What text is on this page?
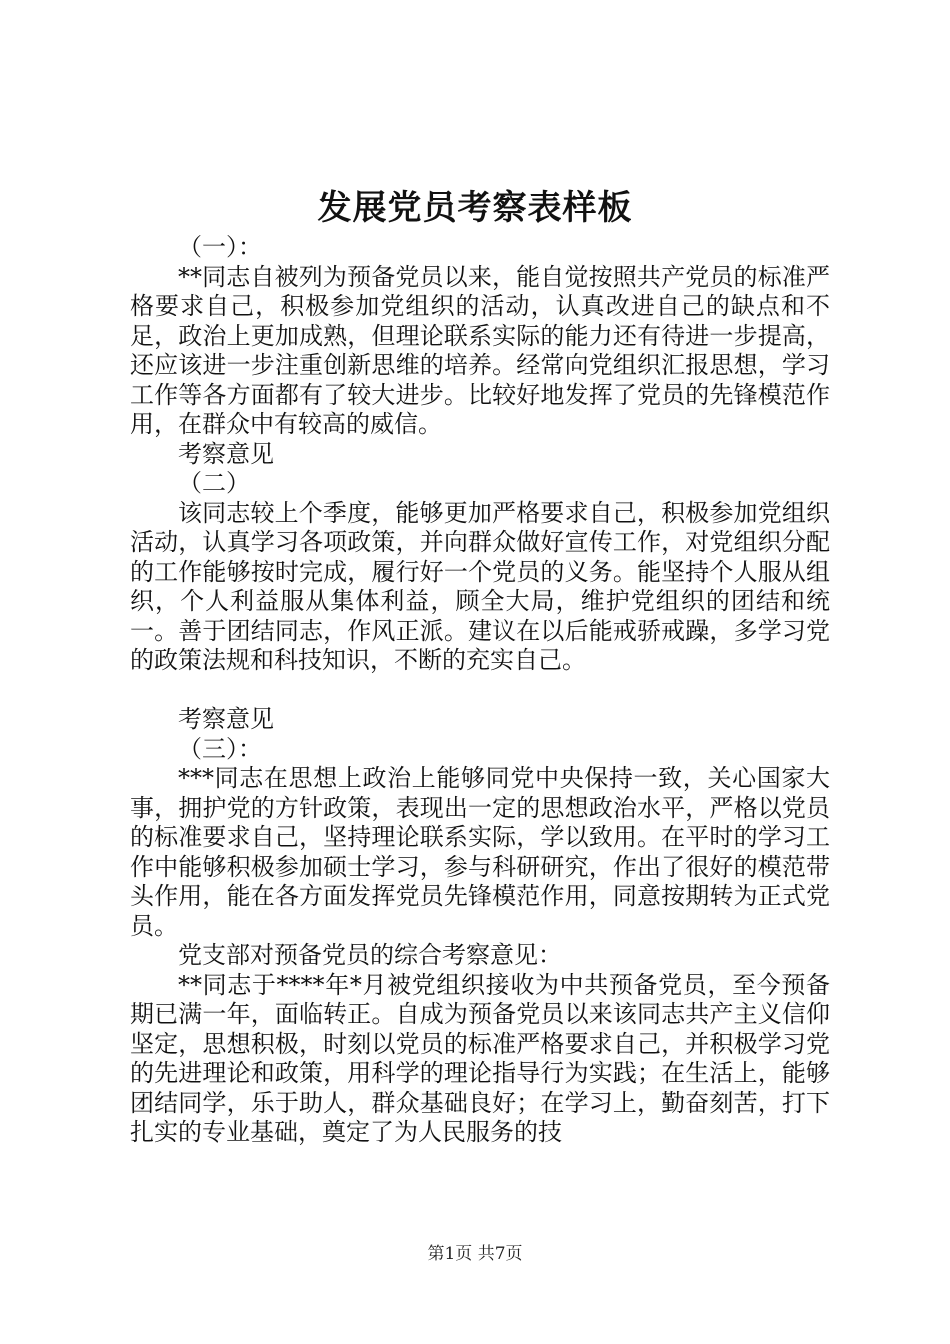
发展党员考察表样板

（一）：

**同志自被列为预备党员以来，能自觉按照共产党员的标准严格要求自己，积极参加党组织的活动，认真改进自己的缺点和不足，政治上更加成熟，但理论联系实际的能力还有待进一步提高，还应该进一步注重创新思维的培养。经常向党组织汇报思想，学习工作等各方面都有了较大进步。比较好地发挥了党员的先锋模范作用，在群众中有较高的威信。

考察意见

（二）

该同志较上个季度，能够更加严格要求自己，积极参加党组织活动，认真学习各项政策，并向群众做好宣传工作，对党组织分配的工作能够按时完成，履行好一个党员的义务。能坚持个人服从组织，个人利益服从集体利益，顾全大局，维护党组织的团结和统一。善于团结同志，作风正派。建议在以后能戒骄戒躁，多学习党的政策法规和科技知识，不断的充实自己。

考察意见

（三）：

***同志在思想上政治上能够同党中央保持一致，关心国家大事，拥护党的方针政策，表现出一定的思想政治水平，严格以党员的标准要求自己，坚持理论联系实际，学以致用。在平时的学习工作中能够积极参加硕士学习，参与科研研究，作出了很好的模范带头作用，能在各方面发挥党员先锋模范作用，同意按期转为正式党员。

党支部对预备党员的综合考察意见：

**同志于****年*月被党组织接收为中共预备党员，至今预备期已满一年，面临转正。自成为预备党员以来该同志共产主义信仰坚定，思想积极，时刻以党员的标准严格要求自己，并积极学习党的先进理论和政策，用科学的理论指导行为实践；在生活上，能够团结同学，乐于助人，群众基础良好；在学习上，勤奋刻苦，打下扎实的专业基础，奠定了为人民服务的技

第1页 共7页
